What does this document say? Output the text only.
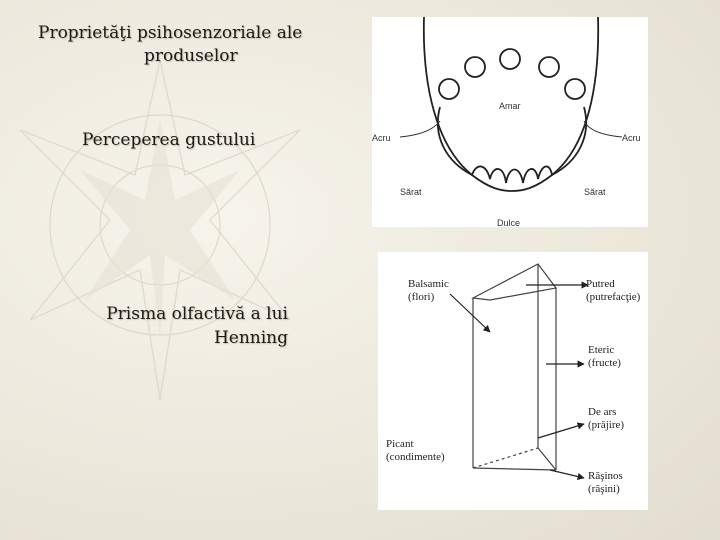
Proprietăţi psihosenzoriale ale
produselor
Perceperea gustului
Prisma olfactivă a lui
Henning
Amar
Acru	Acru
Sărat	Sărat
Dulce
Balsamic
(flori)
Putred
(putrefacţie)
Eteric
(fructe)
De ars
(prăjire)
Picant
(condimente)
Răşinos
(răşini)
